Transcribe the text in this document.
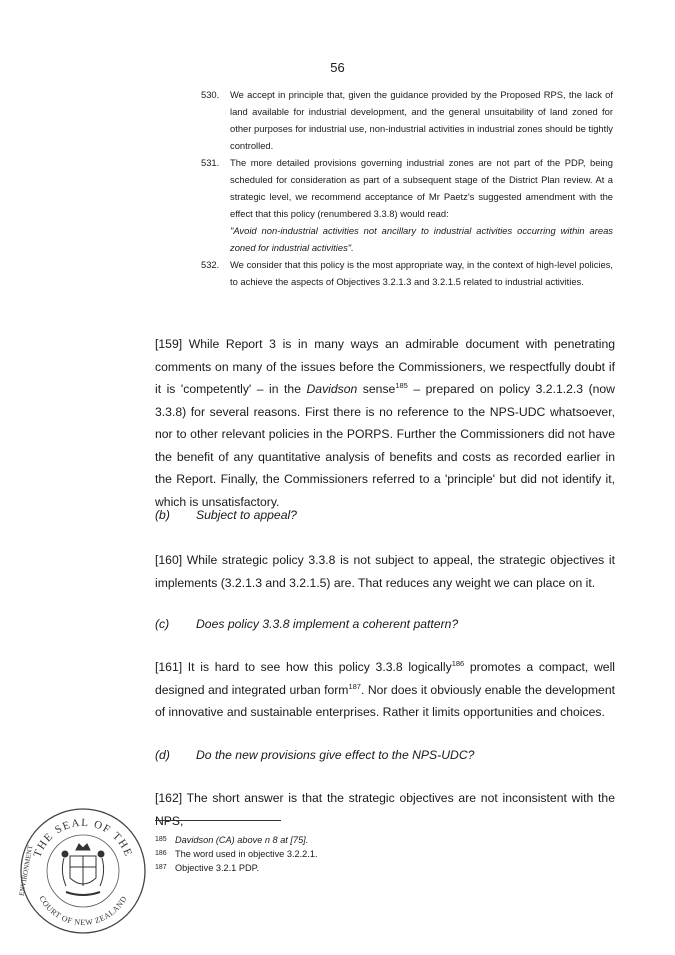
56
530. We accept in principle that, given the guidance provided by the Proposed RPS, the lack of land available for industrial development, and the general unsuitability of land zoned for other purposes for industrial use, non-industrial activities in industrial zones should be tightly controlled.

531. The more detailed provisions governing industrial zones are not part of the PDP, being scheduled for consideration as part of a subsequent stage of the District Plan review. At a strategic level, we recommend acceptance of Mr Paetz's suggested amendment with the effect that this policy (renumbered 3.3.8) would read:

"Avoid non-industrial activities not ancillary to industrial activities occurring within areas zoned for industrial activities".

532. We consider that this policy is the most appropriate way, in the context of high-level policies, to achieve the aspects of Objectives 3.2.1.3 and 3.2.1.5 related to industrial activities.

[159] While Report 3 is in many ways an admirable document with penetrating comments on many of the issues before the Commissioners, we respectfully doubt if it is 'competently' – in the Davidson sense$^{185}$ – prepared on policy 3.2.1.2.3 (now 3.3.8) for several reasons. First there is no reference to the NPS-UDC whatsoever, nor to other relevant policies in the PORPS. Further the Commissioners did not have the benefit of any quantitative analysis of benefits and costs as recorded earlier in the Report. Finally, the Commissioners referred to a 'principle' but did not identify it, which is unsatisfactory.

(b) Subject to appeal?

[160] While strategic policy 3.3.8 is not subject to appeal, the strategic objectives it implements (3.2.1.3 and 3.2.1.5) are. That reduces any weight we can place on it.

(c) Does policy 3.3.8 implement a coherent pattern?

[161] It is hard to see how this policy 3.3.8 logically$^{186}$ promotes a compact, well designed and integrated urban form$^{187}$. Nor does it obviously enable the development of innovative and sustainable enterprises. Rather it limits opportunities and choices.

(d) Do the new provisions give effect to the NPS-UDC?

[162] The short answer is that the strategic objectives are not inconsistent with the NPS,

185 Davidson (CA) above n 8 at [75].
186 The word used in objective 3.2.2.1.
187 Objective 3.2.1 PDP.
THE SEAL OF THE
COURT OF NEW ZEALAND
ENVIRONMENT
